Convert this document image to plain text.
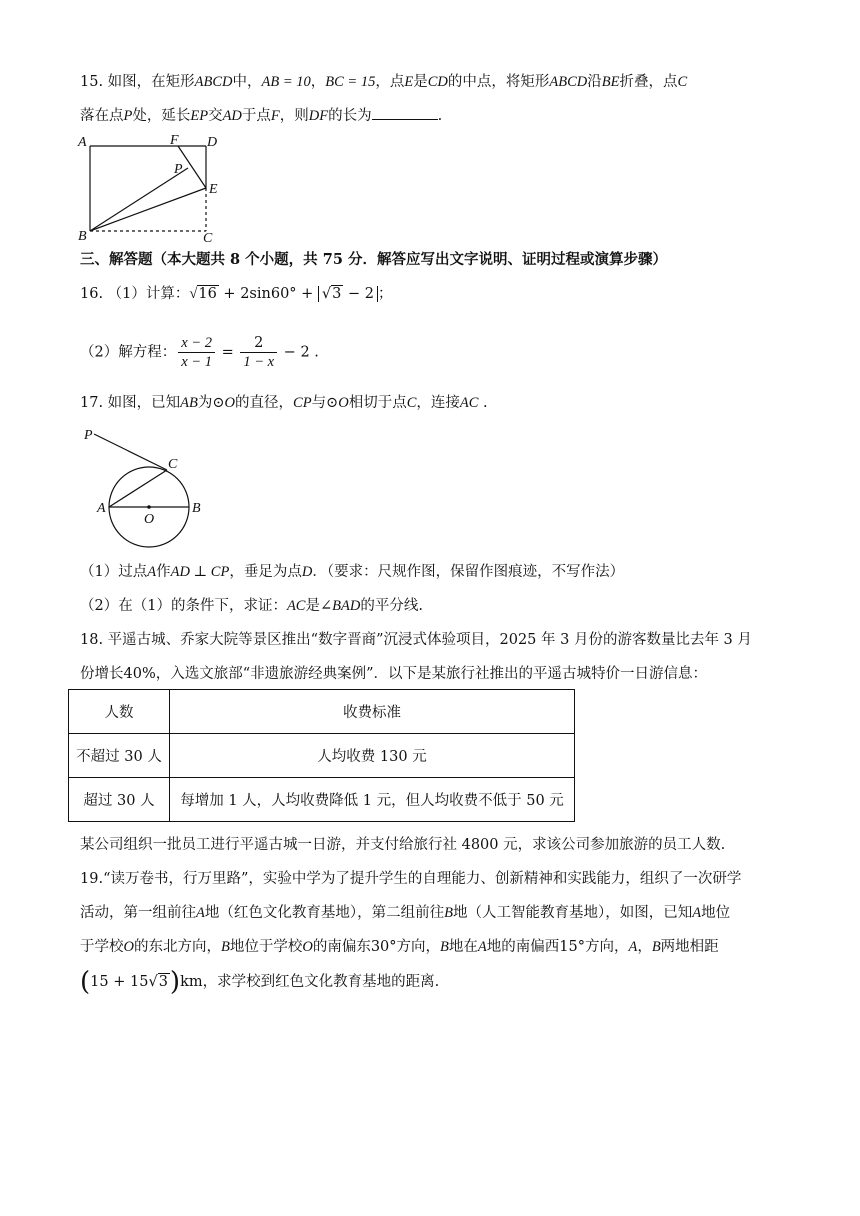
15. 如图，在矩形ABCD中，AB = 10，BC = 15，点E是CD的中点，将矩形ABCD沿BE折叠，点C
落在点P处，延长EP交AD于点F，则DF的长为	.
A	F D
P
E
B	C
三、解答题（本大题共 8 个小题，共 75 分．解答应写出文字说明、证明过程或演算步骤）
16. （1）计算：√16 + 2sin60° + √3 − 2 ；
（2）解方程： $\frac{x - 2}{x - 1} = \frac{2}{1 - x} - 2$ .
17. 如图，已知AB为⊙O的直径，CP与⊙O相切于点C，连接AC .
P
C
A
O
B
（1）过点A作AD ⊥ CP，垂足为点D．（要求：尺规作图，保留作图痕迹，不写作法）
（2）在（1）的条件下，求证：AC是∠BAD的平分线.
18. 平遥古城、乔家大院等景区推出“数字晋商”沉浸式体验项目，2025 年 3 月份的游客数量比去年 3 月
份增长40%，入选文旅部“非遗旅游经典案例”．以下是某旅行社推出的平遥古城特价一日游信息：
人数	收费标准
不超过 30 人	人均收费 130 元
超过 30 人	每增加 1 人，人均收费降低 1 元，但人均收费不低于 50 元
某公司组织一批员工进行平遥古城一日游，并支付给旅行社 4800 元，求该公司参加旅游的员工人数.
19.“读万卷书，行万里路”，实验中学为了提升学生的自理能力、创新精神和实践能力，组织了一次研学
活动，第一组前往A地（红色文化教育基地），第二组前往B地（人工智能教育基地），如图，已知A地位
于学校O的东北方向，B地位于学校O的南偏东30°方向，B地在A地的南偏西15°方向，A，B两地相距
(15 + 15√3)km，求学校到红色文化教育基地的距离.
